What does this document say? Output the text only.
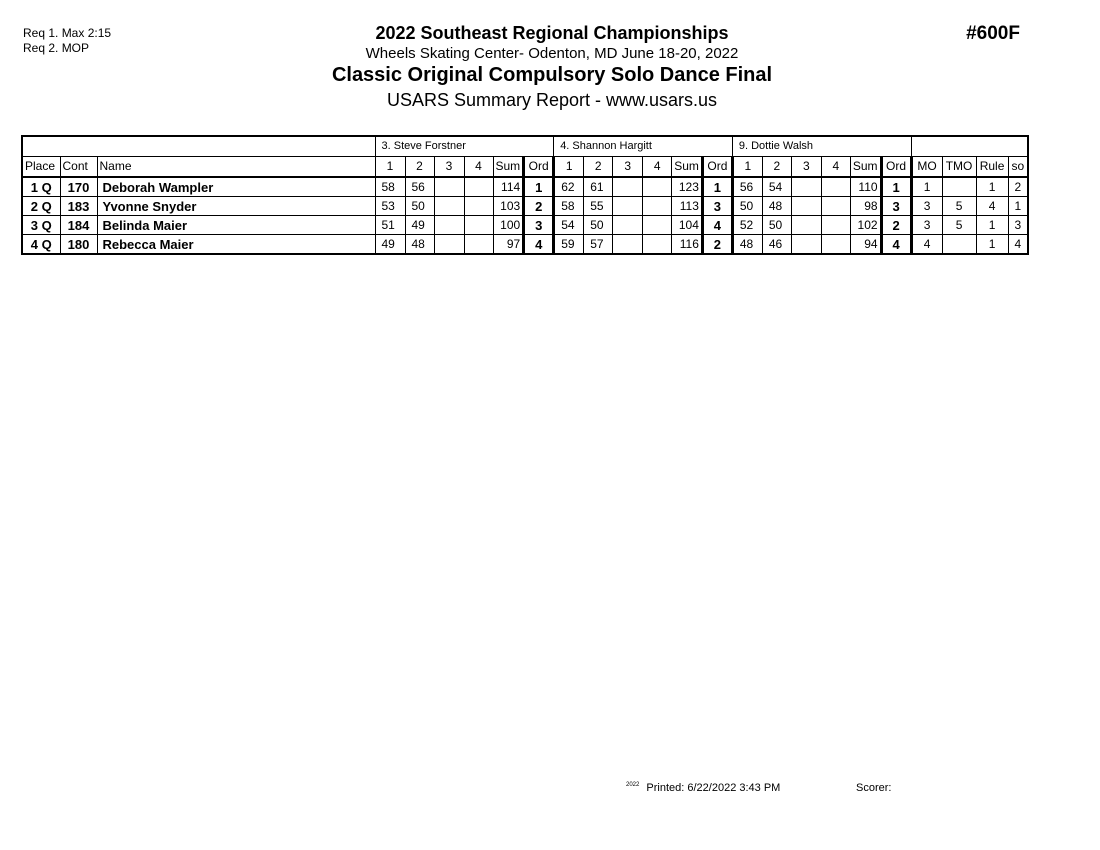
Req 1. Max 2:15
Req 2. MOP
2022 Southeast Regional Championships
Wheels Skating Center- Odenton, MD June 18-20, 2022
Classic Original Compulsory Solo Dance Final
USARS Summary Report - www.usars.us
#600F
			3. Steve Forstner						4. Shannon Hargitt						9. Dottie Walsh									
Place	Cont	Name	1	2	3	4	Sum	Ord	1	2	3	4	Sum	Ord	1	2	3	4	Sum	Ord	MO	TMO	Rule	so
1 Q	170	Deborah Wampler	58	56			114	1	62	61			123	1	56	54			110	1	1		1	2
2 Q	183	Yvonne Snyder	53	50			103	2	58	55			113	3	50	48			98	3	3	5	4	1
3 Q	184	Belinda Maier	51	49			100	3	54	50			104	4	52	50			102	2	3	5	1	3
4 Q	180	Rebecca Maier	49	48			97	4	59	57			116	2	48	46			94	4	4		1	4
$^{2022}$ Printed: 6/22/2022 3:43 PM	Scorer:
